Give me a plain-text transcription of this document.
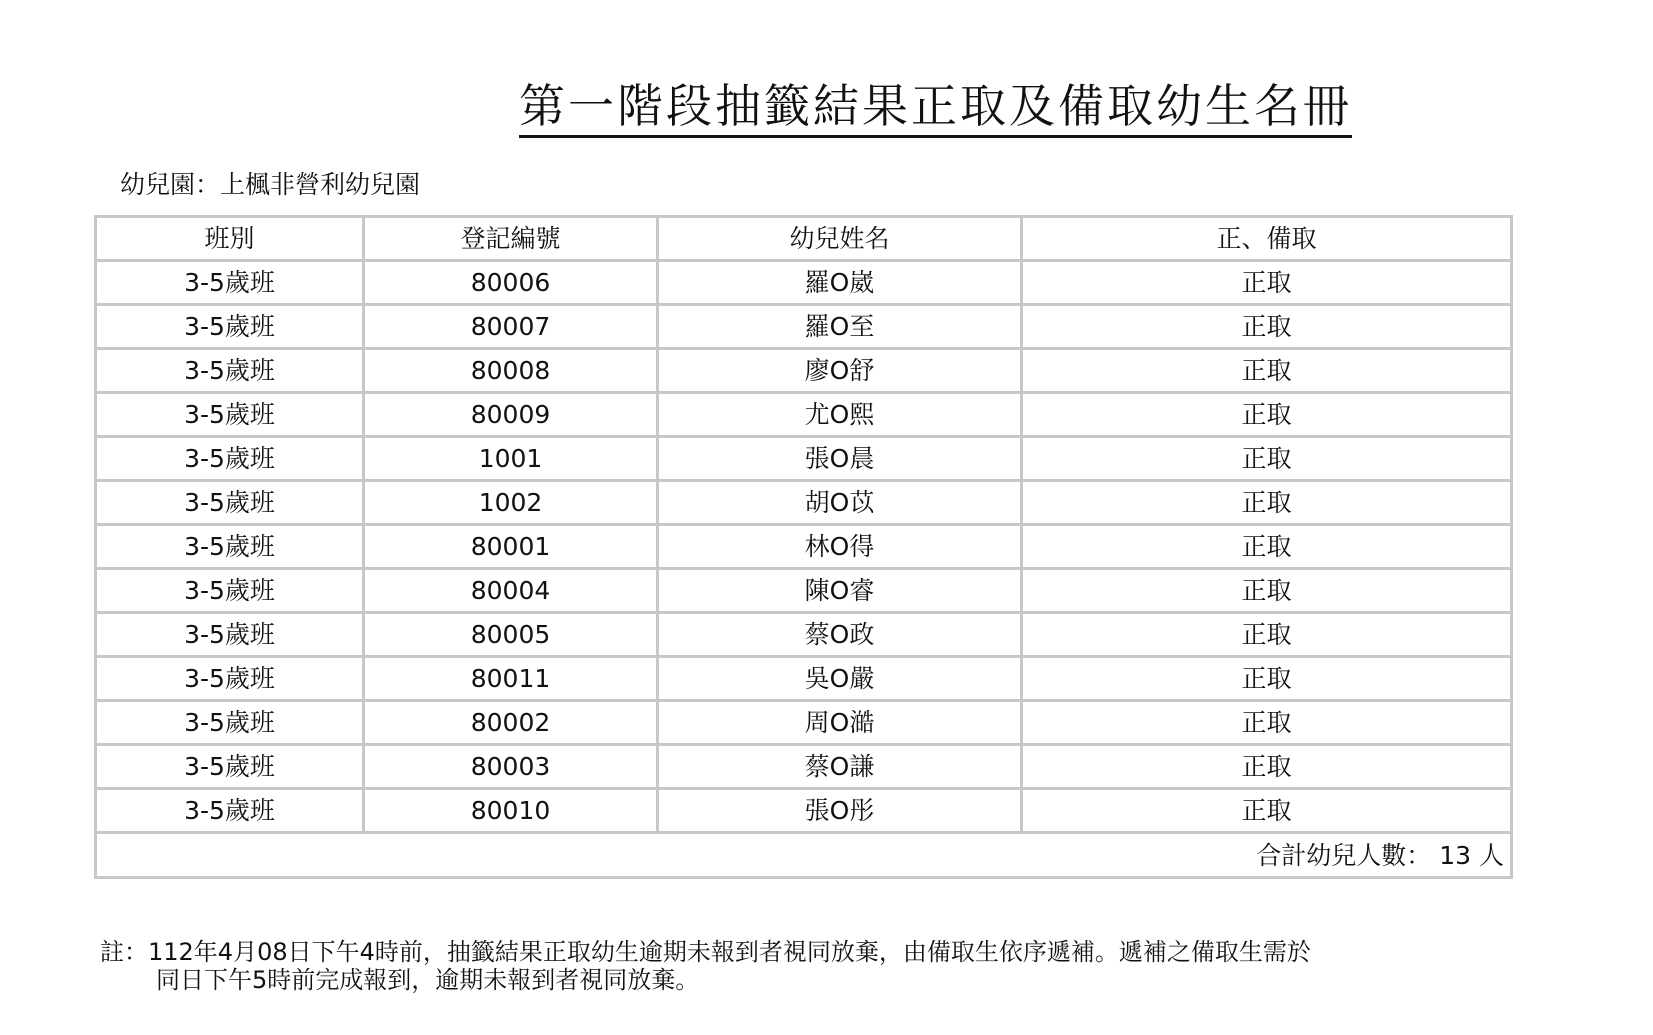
第一階段抽籤結果正取及備取幼生名冊
幼兒園：上楓非營利幼兒園
班別	登記編號	幼兒姓名	正、備取
3-5歲班	80006	羅O崴	正取
3-5歲班	80007	羅O至	正取
3-5歲班	80008	廖O舒	正取
3-5歲班	80009	尤O熙	正取
3-5歲班	1001	張O晨	正取
3-5歲班	1002	胡O苡	正取
3-5歲班	80001	林O得	正取
3-5歲班	80004	陳O睿	正取
3-5歲班	80005	蔡O政	正取
3-5歲班	80011	吳O嚴	正取
3-5歲班	80002	周O澔	正取
3-5歲班	80003	蔡O謙	正取
3-5歲班	80010	張O彤	正取
合計幼兒人數： 13 人			
註：112年4月08日下午4時前，抽籤結果正取幼生逾期未報到者視同放棄，由備取生依序遞補。遞補之備取生需於
同日下午5時前完成報到，逾期未報到者視同放棄。
